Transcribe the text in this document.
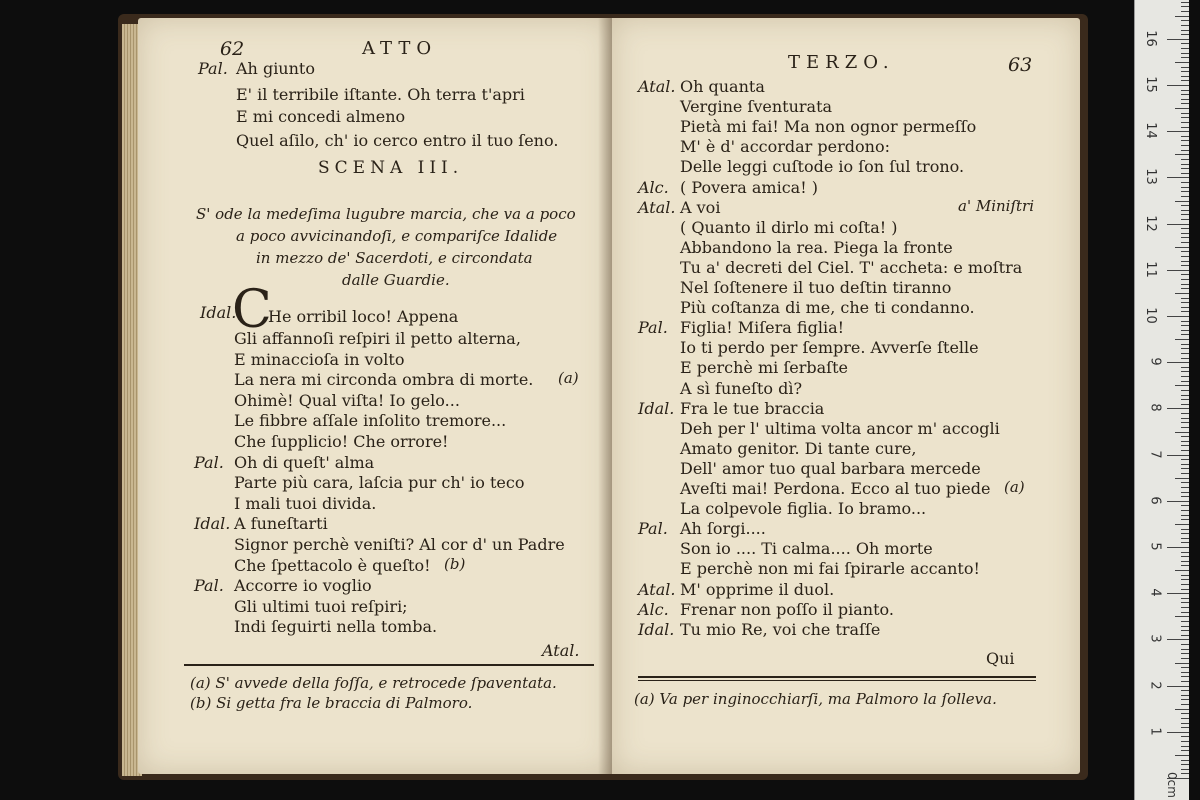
62	ATTO
Pal. Ah giunto
E' il terribile iſtante. Oh terra t'apri
E mi concedi almeno
Quel aſilo, ch' io cerco entro il tuo ſeno.
SCENA III.
S' ode la medeſima lugubre marcia, che va a poco
a poco avvicinandoſi, e compariſce Idalide
in mezzo de' Sacerdoti, e circondata
dalle Guardie.
Idal.
C
He orribil loco! Appena
Gli affannoſi reſpiri il petto alterna,
E minaccioſa in volto
La nera mi circonda ombra di morte. (a)
Ohimè! Qual viſta! Io gelo...
Le fibbre aſſale inſolito tremore...
Che ſupplicio! Che orrore!
Pal. Oh di queſt' alma
Parte più cara, laſcia pur ch' io teco
I mali tuoi divida.
Idal. A funeſtarti
Signor perchè veniſti? Al cor d' un Padre
Che ſpettacolo è queſto! (b)
Pal. Accorre io voglio
Gli ultimi tuoi reſpiri;
Indi ſeguirti nella tomba.
Atal.
(a) S' avvede della foſſa, e retrocede ſpaventata.
(b) Si getta fra le braccia di Palmoro.
TERZO.	63
Atal. Oh quanta
Vergine ſventurata
Pietà mi fai! Ma non ognor permeſſo
M' è d' accordar perdono:
Delle leggi cuſtode io ſon ſul trono.
Alc. ( Povera amica! )
Atal. A voi	a' Miniſtri
( Quanto il dirlo mi coſta! )
Abbandono la rea. Piega la fronte
Tu a' decreti del Ciel. T' accheta: e moſtra
Nel ſoſtenere il tuo deſtin tiranno
Più coſtanza di me, che ti condanno.
Pal. Figlia! Miſera figlia!
Io ti perdo per ſempre. Avverſe ſtelle
E perchè mi ſerbaſte
A sì funeſto dì?
Idal. Fra le tue braccia
Deh per l' ultima volta ancor m' accogli
Amato genitor. Di tante cure,
Dell' amor tuo qual barbara mercede
Aveſti mai! Perdona. Ecco al tuo piede (a)
La colpevole figlia. Io bramo...
Pal. Ah ſorgi....
Son io .... Ti calma.... Oh morte
E perchè non mi fai ſpirarle accanto!
Atal. M' opprime il duol.
Alc. Frenar non poſſo il pianto.
Idal. Tu mio Re, voi che traſſe
Qui
(a) Va per inginocchiarſi, ma Palmoro la ſolleva.
1
2
3
4
5
6
7
8
9
10
11
12
13
14
15
16
0cm
